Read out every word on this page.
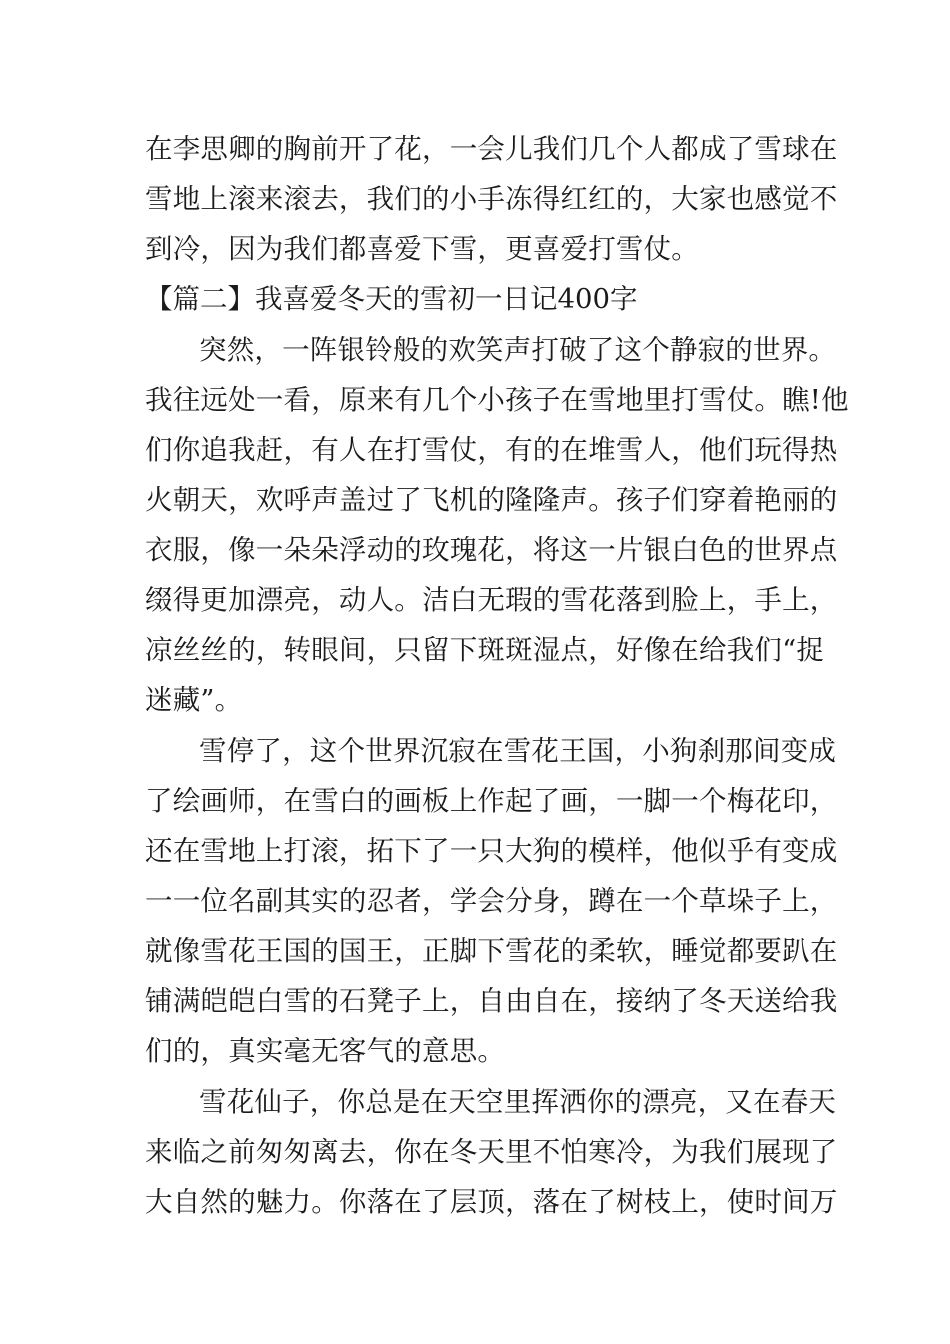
在李思卿的胸前开了花，一会儿我们几个人都成了雪球在
雪地上滚来滚去，我们的小手冻得红红的，大家也感觉不
到冷，因为我们都喜爱下雪，更喜爱打雪仗。
【篇二】我喜爱冬天的雪初一日记400字
突然，一阵银铃般的欢笑声打破了这个静寂的世界。
我往远处一看，原来有几个小孩子在雪地里打雪仗。瞧!他
们你追我赶，有人在打雪仗，有的在堆雪人，他们玩得热
火朝天，欢呼声盖过了飞机的隆隆声。孩子们穿着艳丽的
衣服，像一朵朵浮动的玫瑰花，将这一片银白色的世界点
缀得更加漂亮，动人。洁白无瑕的雪花落到脸上，手上，
凉丝丝的，转眼间，只留下斑斑湿点，好像在给我们“捉
迷藏”。
雪停了，这个世界沉寂在雪花王国，小狗刹那间变成
了绘画师，在雪白的画板上作起了画，一脚一个梅花印，
还在雪地上打滚，拓下了一只大狗的模样，他似乎有变成
一一位名副其实的忍者，学会分身，蹲在一个草垛子上，
就像雪花王国的国王，正脚下雪花的柔软，睡觉都要趴在
铺满皑皑白雪的石凳子上，自由自在，接纳了冬天送给我
们的，真实毫无客气的意思。
雪花仙子，你总是在天空里挥洒你的漂亮，又在春天
来临之前匆匆离去，你在冬天里不怕寒冷，为我们展现了
大自然的魅力。你落在了层顶，落在了树枝上，使时间万
